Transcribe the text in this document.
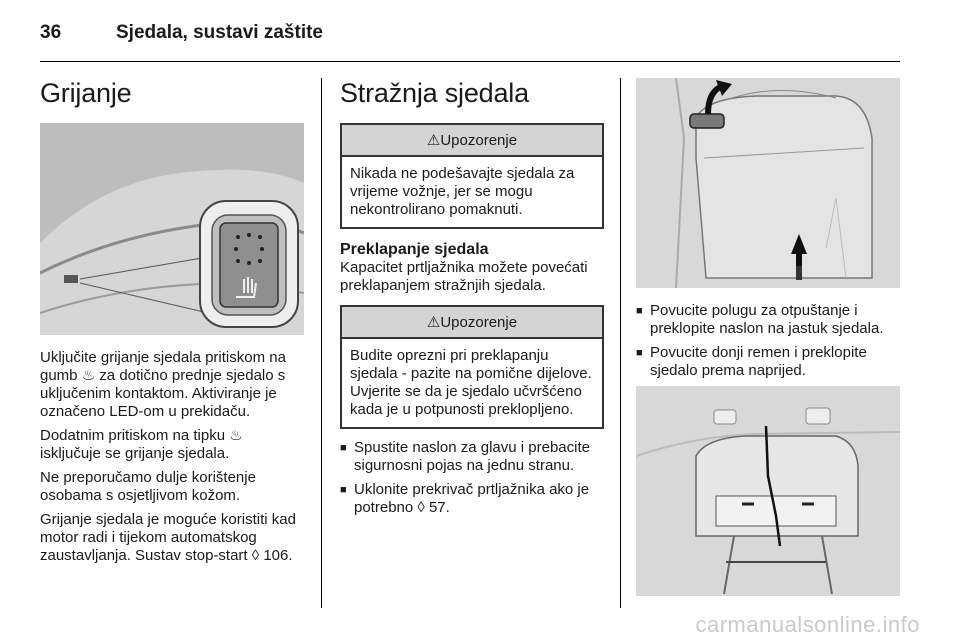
36	Sjedala, sustavi zaštite
Grijanje

Uključite grijanje sjedala pritiskom na gumb ♨ za dotično prednje sjedalo s uključenim kontaktom. Aktiviranje je označeno LED-om u prekidaču.

Dodatnim pritiskom na tipku ♨ isključuje se grijanje sjedala.

Ne preporučamo dulje korištenje osobama s osjetljivom kožom.

Grijanje sjedala je moguće koristiti kad motor radi i tijekom automatskog zaustavljanja. Sustav stop-start ◊ 106.

Stražnja sjedala
⚠Upozorenje
Nikada ne podešavajte sjedala za vrijeme vožnje, jer se mogu nekontrolirano pomaknuti.
Preklapanje sjedala

Kapacitet prtljažnika možete povećati preklapanjem stražnjih sjedala.

⚠Upozorenje
Budite oprezni pri preklapanju sjedala - pazite na pomične dijelove. Uvjerite se da je sjedalo učvršćeno kada je u potpunosti preklopljeno.
■ Spustite naslon za glavu i prebacite sigurnosni pojas na jednu stranu.
■ Uklonite prekrivač prtljažnika ako je potrebno ◊ 57.
■ Povucite polugu za otpuštanje i preklopite naslon na jastuk sjedala.
■ Povucite donji remen i preklopite sjedalo prema naprijed.
carmanualsonline.info
